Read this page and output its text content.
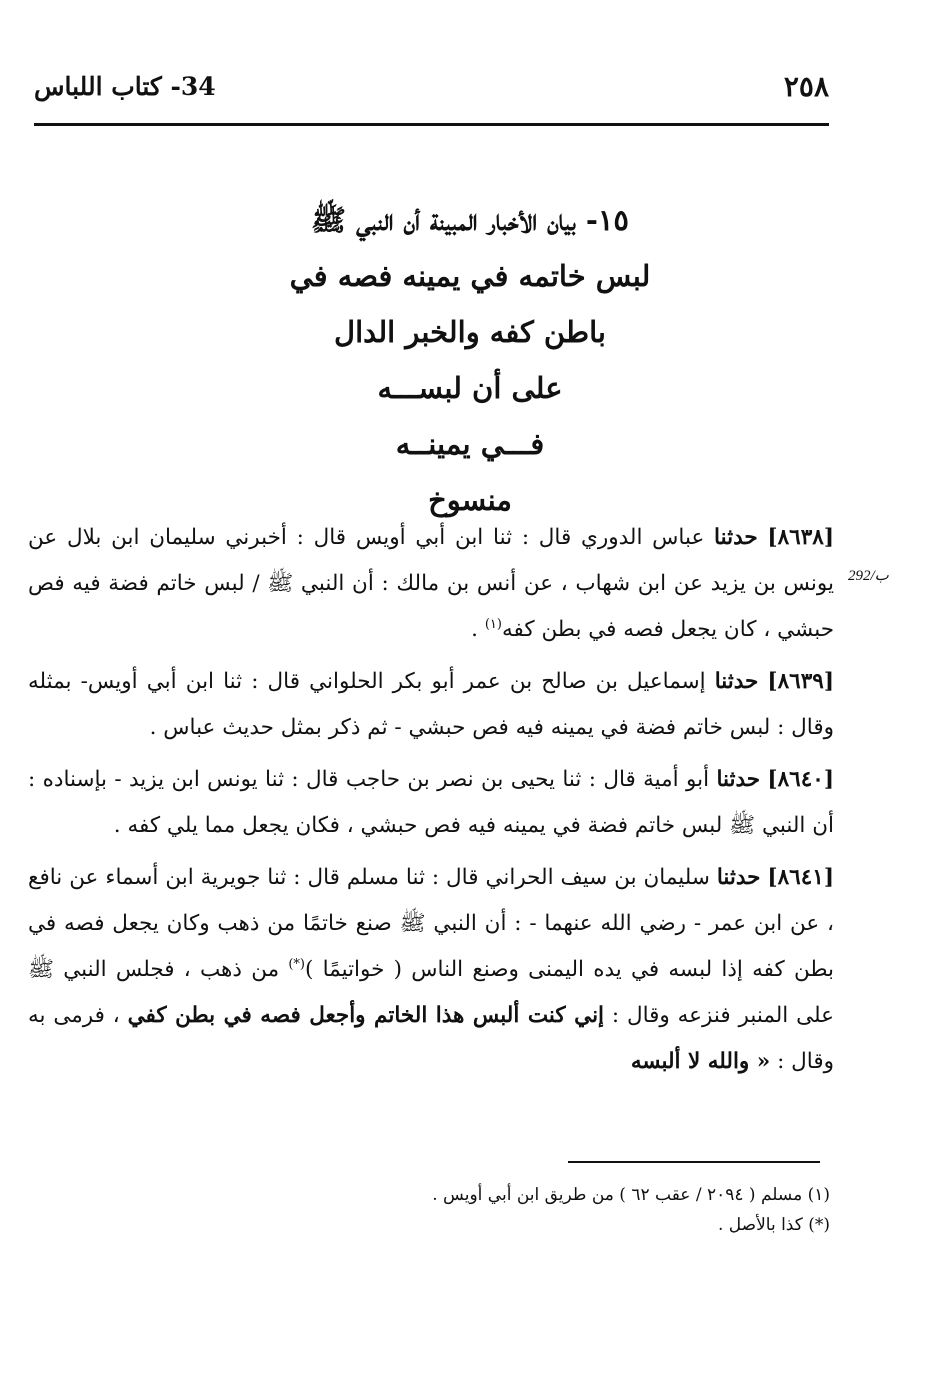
٢٥٨
34- كتاب اللباس
١٥- بيان الأخبار المبينة أن النبي ﷺ
لبس خاتمه في يمينه فصه في
باطن كفه والخبر الدال
على أن لبســـه
فـــي يمينــه
منسوخ
292/ب

[٨٦٣٨] حدثنا عباس الدوري قال : ثنا ابن أبي أويس قال : أخبرني سليمان ابن بلال عن يونس بن يزيد عن ابن شهاب ، عن أنس بن مالك : أن النبي ﷺ / لبس خاتم فضة فيه فص حبشي ، كان يجعل فصه في بطن كفه$^{(١)}$ .

[٨٦٣٩] حدثنا إسماعيل بن صالح بن عمر أبو بكر الحلواني قال : ثنا ابن أبي أويس- بمثله وقال : لبس خاتم فضة في يمينه فيه فص حبشي - ثم ذكر بمثل حديث عباس .

[٨٦٤٠] حدثنا أبو أمية قال : ثنا يحيى بن نصر بن حاجب قال : ثنا يونس ابن يزيد - بإسناده : أن النبي ﷺ لبس خاتم فضة في يمينه فيه فص حبشي ، فكان يجعل مما يلي كفه .

[٨٦٤١] حدثنا سليمان بن سيف الحراني قال : ثنا مسلم قال : ثنا جويرية ابن أسماء عن نافع ، عن ابن عمر - رضي الله عنهما - : أن النبي ﷺ صنع خاتمًا من ذهب وكان يجعل فصه في بطن كفه إذا لبسه في يده اليمنى وصنع الناس ( خواتيمًا )(*) من ذهب ، فجلس النبي ﷺ على المنبر فنزعه وقال : إني كنت ألبس هذا الخاتم وأجعل فصه في بطن كفي ، فرمى به وقال : « والله لا ألبسه

(١) مسلم ( ٢٠٩٤ / عقب ٦٢ ) من طريق ابن أبي أويس .
(*) كذا بالأصل .
